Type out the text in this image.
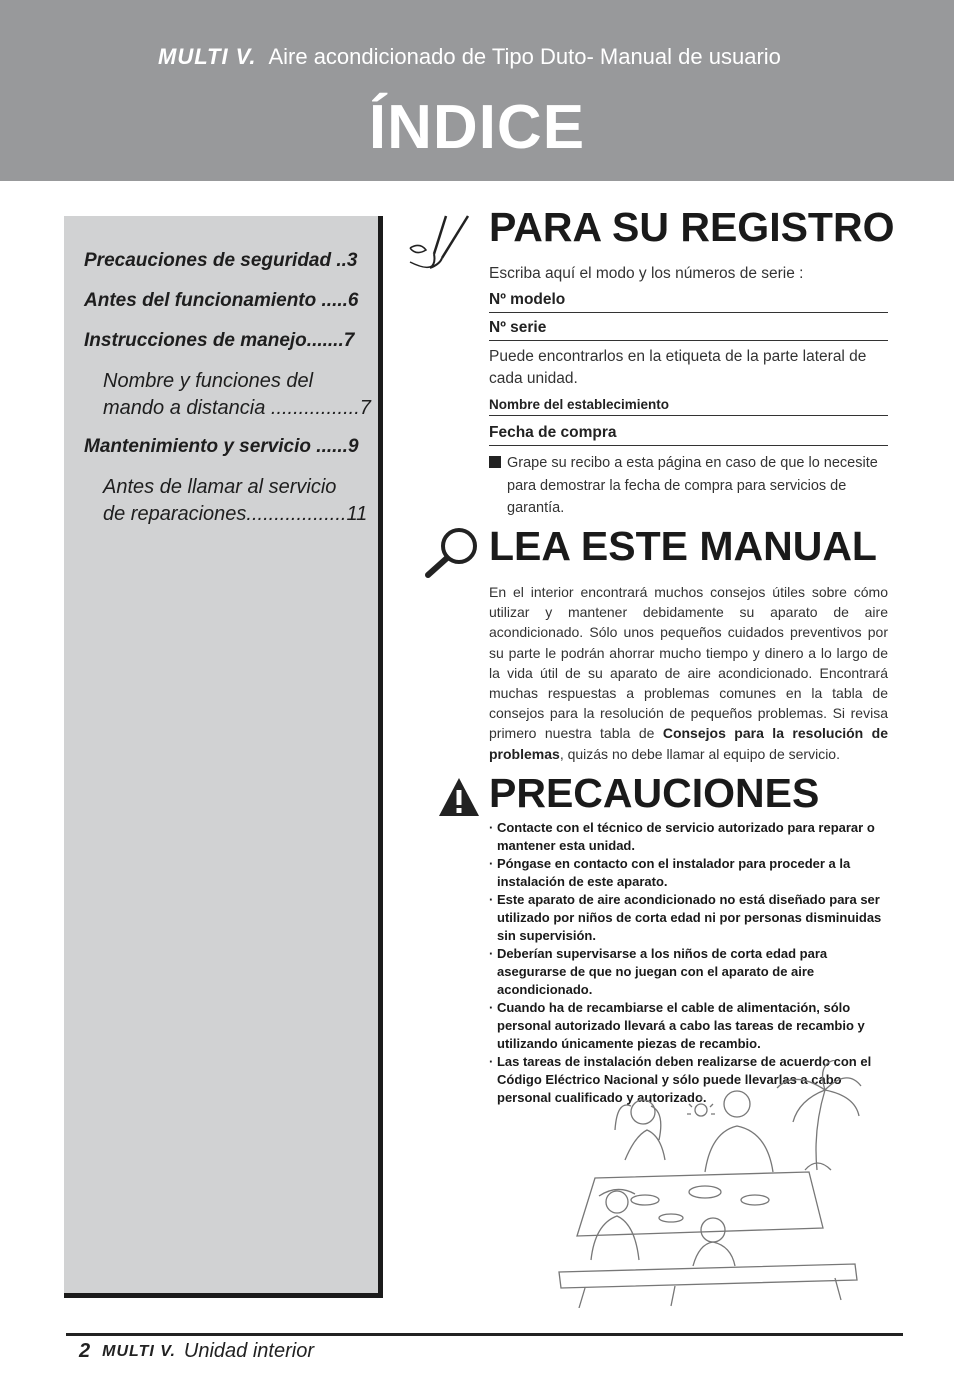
MULTI V. Aire acondicionado de Tipo Duto- Manual de usuario
ÍNDICE
Precauciones de seguridad ..3
Antes del funcionamiento .....6
Instrucciones de manejo.......7
Nombre y funciones del
mando a distancia ................7
Mantenimiento y servicio ......9
Antes de llamar al servicio
de reparaciones..................11
PARA SU REGISTRO
Escriba aquí el modo y los números de serie :
Nº modelo
Nº serie
Puede encontrarlos en la etiqueta de la parte lateral de cada unidad.
Nombre del establecimiento
Fecha de compra
Grape su recibo a esta página en caso de que lo necesite para demostrar la fecha de compra para servicios de garantía.
LEA ESTE MANUAL
En el interior encontrará muchos consejos útiles sobre cómo utilizar y mantener debidamente su aparato de aire acondicionado. Sólo unos pequeños cuidados preventivos por su parte le podrán ahorrar mucho tiempo y dinero a lo largo de la vida útil de su aparato de aire acondicionado. Encontrará muchas respuestas a problemas comunes en la tabla de consejos para la resolución de pequeños problemas. Si revisa primero nuestra tabla de Consejos para la resolución de problemas, quizás no debe llamar al equipo de servicio.
PRECAUCIONES
· Contacte con el técnico de servicio autorizado para reparar o mantener esta unidad.
· Póngase en contacto con el instalador para proceder a la instalación de este aparato.
· Este aparato de aire acondicionado no está diseñado para ser utilizado por niños de corta edad ni por personas disminuidas sin supervisión.
· Deberían supervisarse a los niños de corta edad para asegurarse de que no juegan con el aparato de aire acondicionado.
· Cuando ha de recambiarse el cable de alimentación, sólo personal autorizado llevará a cabo las tareas de recambio y utilizando únicamente piezas de recambio.
· Las tareas de instalación deben realizarse de acuerdo con el Código Eléctrico Nacional y sólo puede llevarlas a cabo personal cualificado y autorizado.
2 MULTI V. Unidad interior
